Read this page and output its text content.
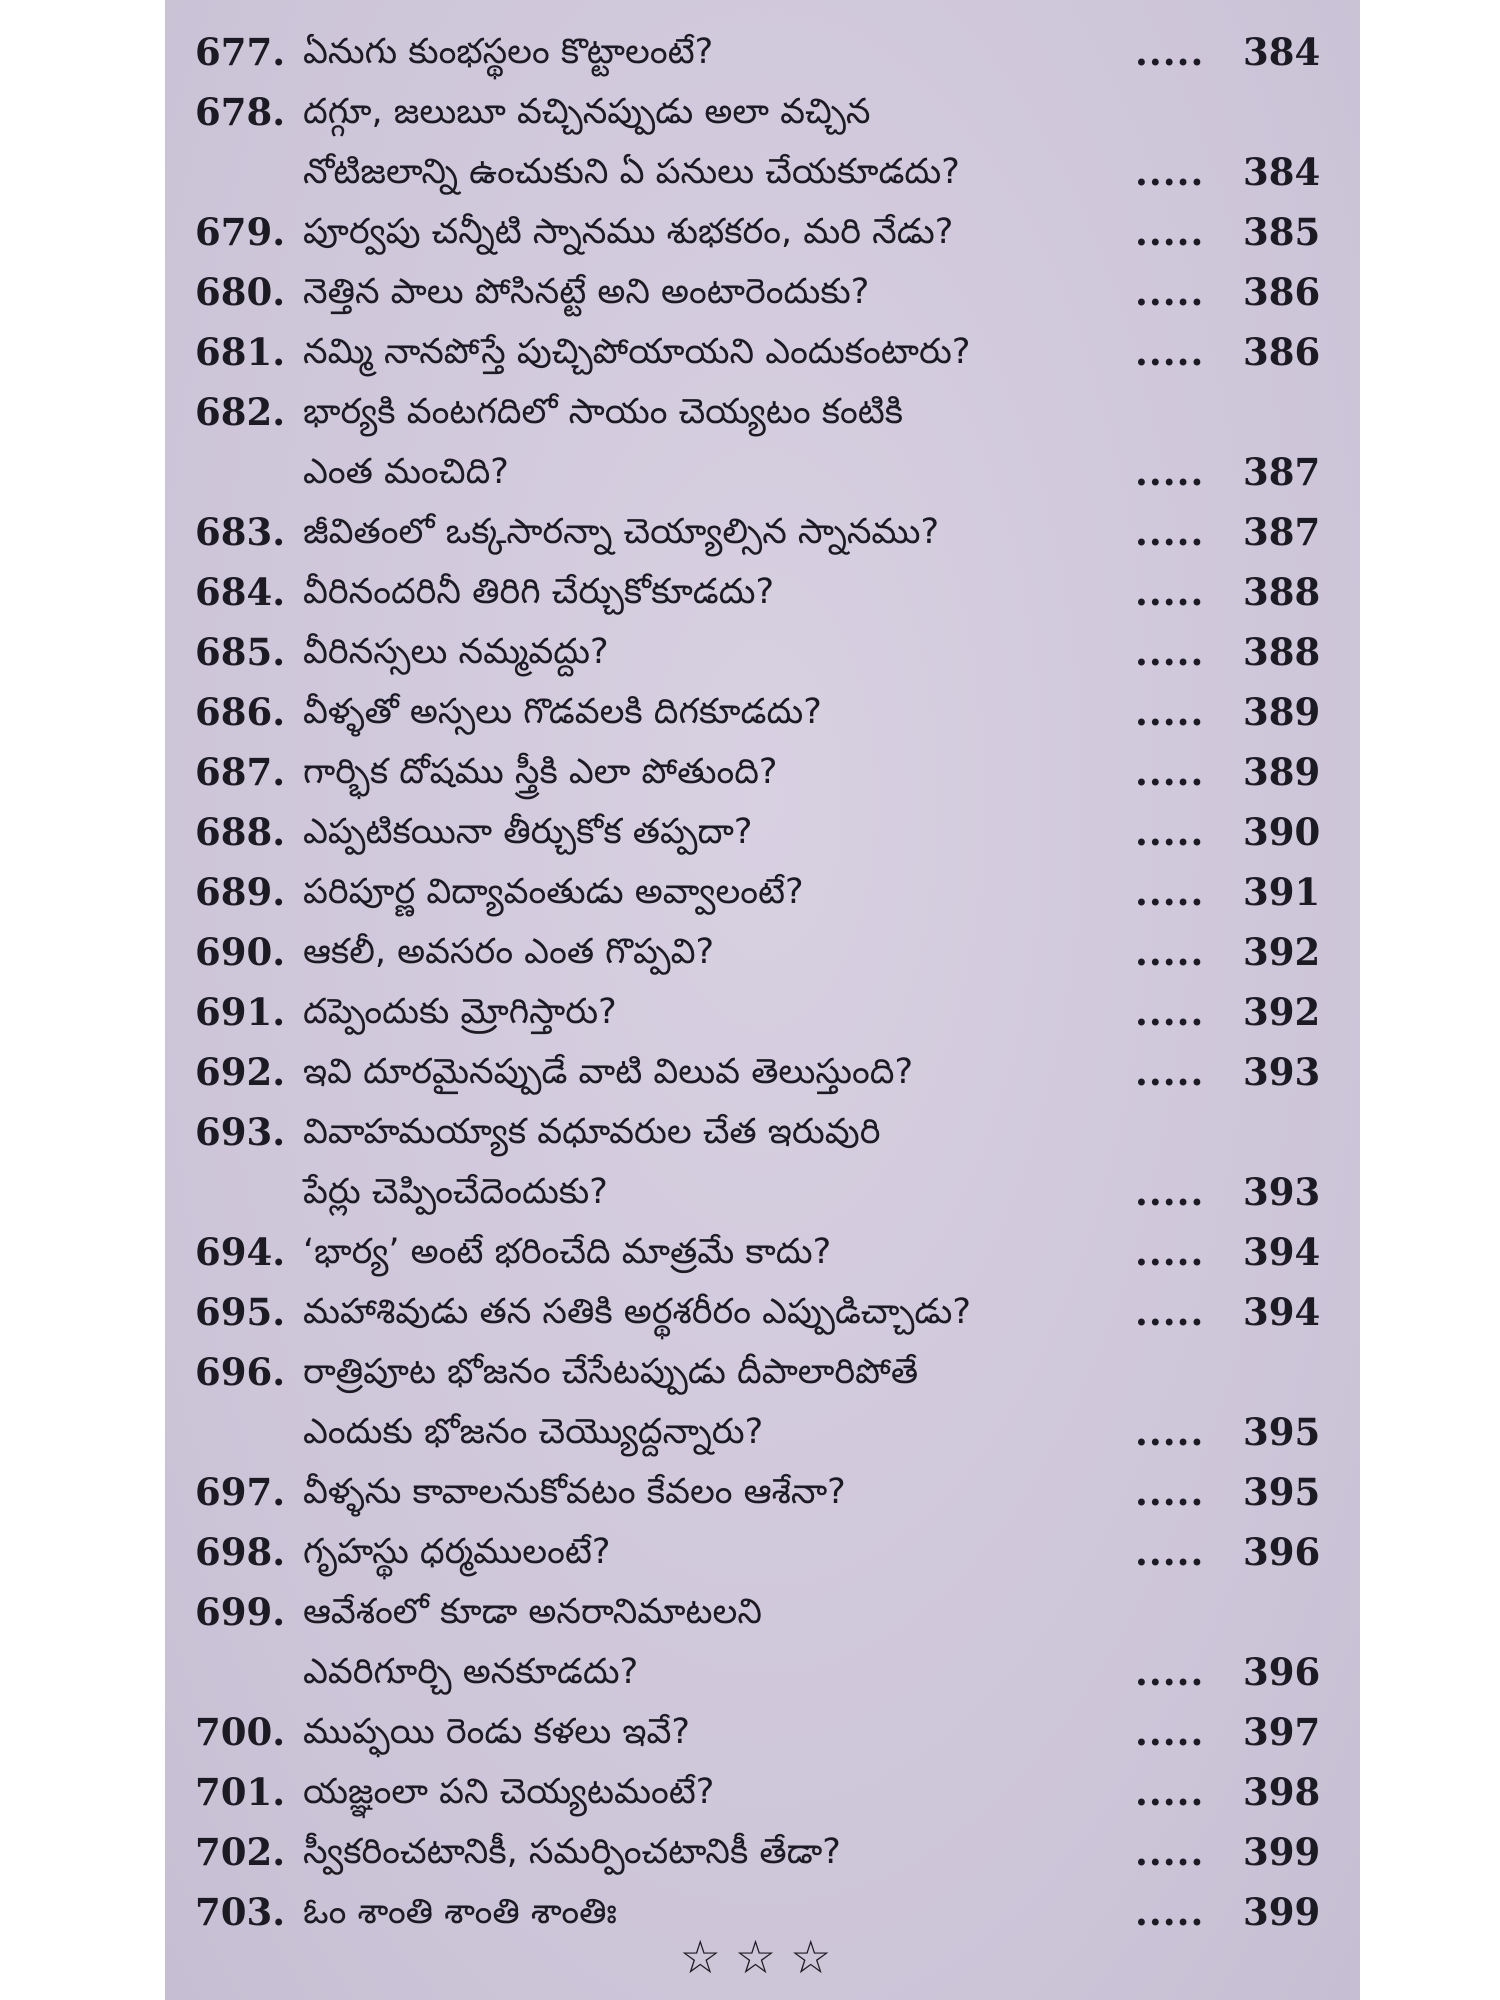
677. ఏనుగు కుంభస్థలం కొట్టాలంటే?	..... 384
678. దగ్గూ, జలుబూ వచ్చినప్పుడు అలా వచ్చిన
నోటిజలాన్ని ఉంచుకుని ఏ పనులు చేయకూడదు?	..... 384
679. పూర్వపు చన్నీటి స్నానము శుభకరం, మరి నేడు?	..... 385
680. నెత్తిన పాలు పోసినట్టే అని అంటారెందుకు?	..... 386
681. నమ్మి నానపోస్తే పుచ్చిపోయాయని ఎందుకంటారు?	..... 386
682. భార్యకి వంటగదిలో సాయం చెయ్యటం కంటికి
ఎంత మంచిది?	..... 387
683. జీవితంలో ఒక్కసారన్నా చెయ్యాల్సిన స్నానము?	..... 387
684. వీరినందరినీ తిరిగి చేర్చుకోకూడదు?	..... 388
685. వీరినస్సలు నమ్మవద్దు?	..... 388
686. వీళ్ళతో అస్సలు గొడవలకి దిగకూడదు?	..... 389
687. గార్భిక దోషము స్త్రీకి ఎలా పోతుంది?	..... 389
688. ఎప్పటికయినా తీర్చుకోక తప్పదా?	..... 390
689. పరిపూర్ణ విద్యావంతుడు అవ్వాలంటే?	..... 391
690. ఆకలీ, అవసరం ఎంత గొప్పవి?	..... 392
691. దప్పెందుకు మ్రోగిస్తారు?	..... 392
692. ఇవి దూరమైనప్పుడే వాటి విలువ తెలుస్తుంది?	..... 393
693. వివాహమయ్యాక వధూవరుల చేత ఇరువురి
పేర్లు చెప్పించేదెందుకు?	..... 393
694. ‘భార్య’ అంటే భరించేది మాత్రమే కాదు?	..... 394
695. మహాశివుడు తన సతికి అర్థశరీరం ఎప్పుడిచ్చాడు?	..... 394
696. రాత్రిపూట భోజనం చేసేటప్పుడు దీపాలారిపోతే
ఎందుకు భోజనం చెయ్యొద్దన్నారు?	..... 395
697. వీళ్ళను కావాలనుకోవటం కేవలం ఆశేనా?	..... 395
698. గృహస్థు ధర్మములంటే?	..... 396
699. ఆవేశంలో కూడా అనరానిమాటలని
ఎవరిగూర్చి అనకూడదు?	..... 396
700. ముప్ఫయి రెండు కళలు ఇవే?	..... 397
701. యజ్ఞంలా పని చెయ్యటమంటే?	..... 398
702. స్వీకరించటానికీ, సమర్పించటానికీ తేడా?	..... 399
703. ఓం శాంతి శాంతి శాంతిః	..... 399
☆☆☆
